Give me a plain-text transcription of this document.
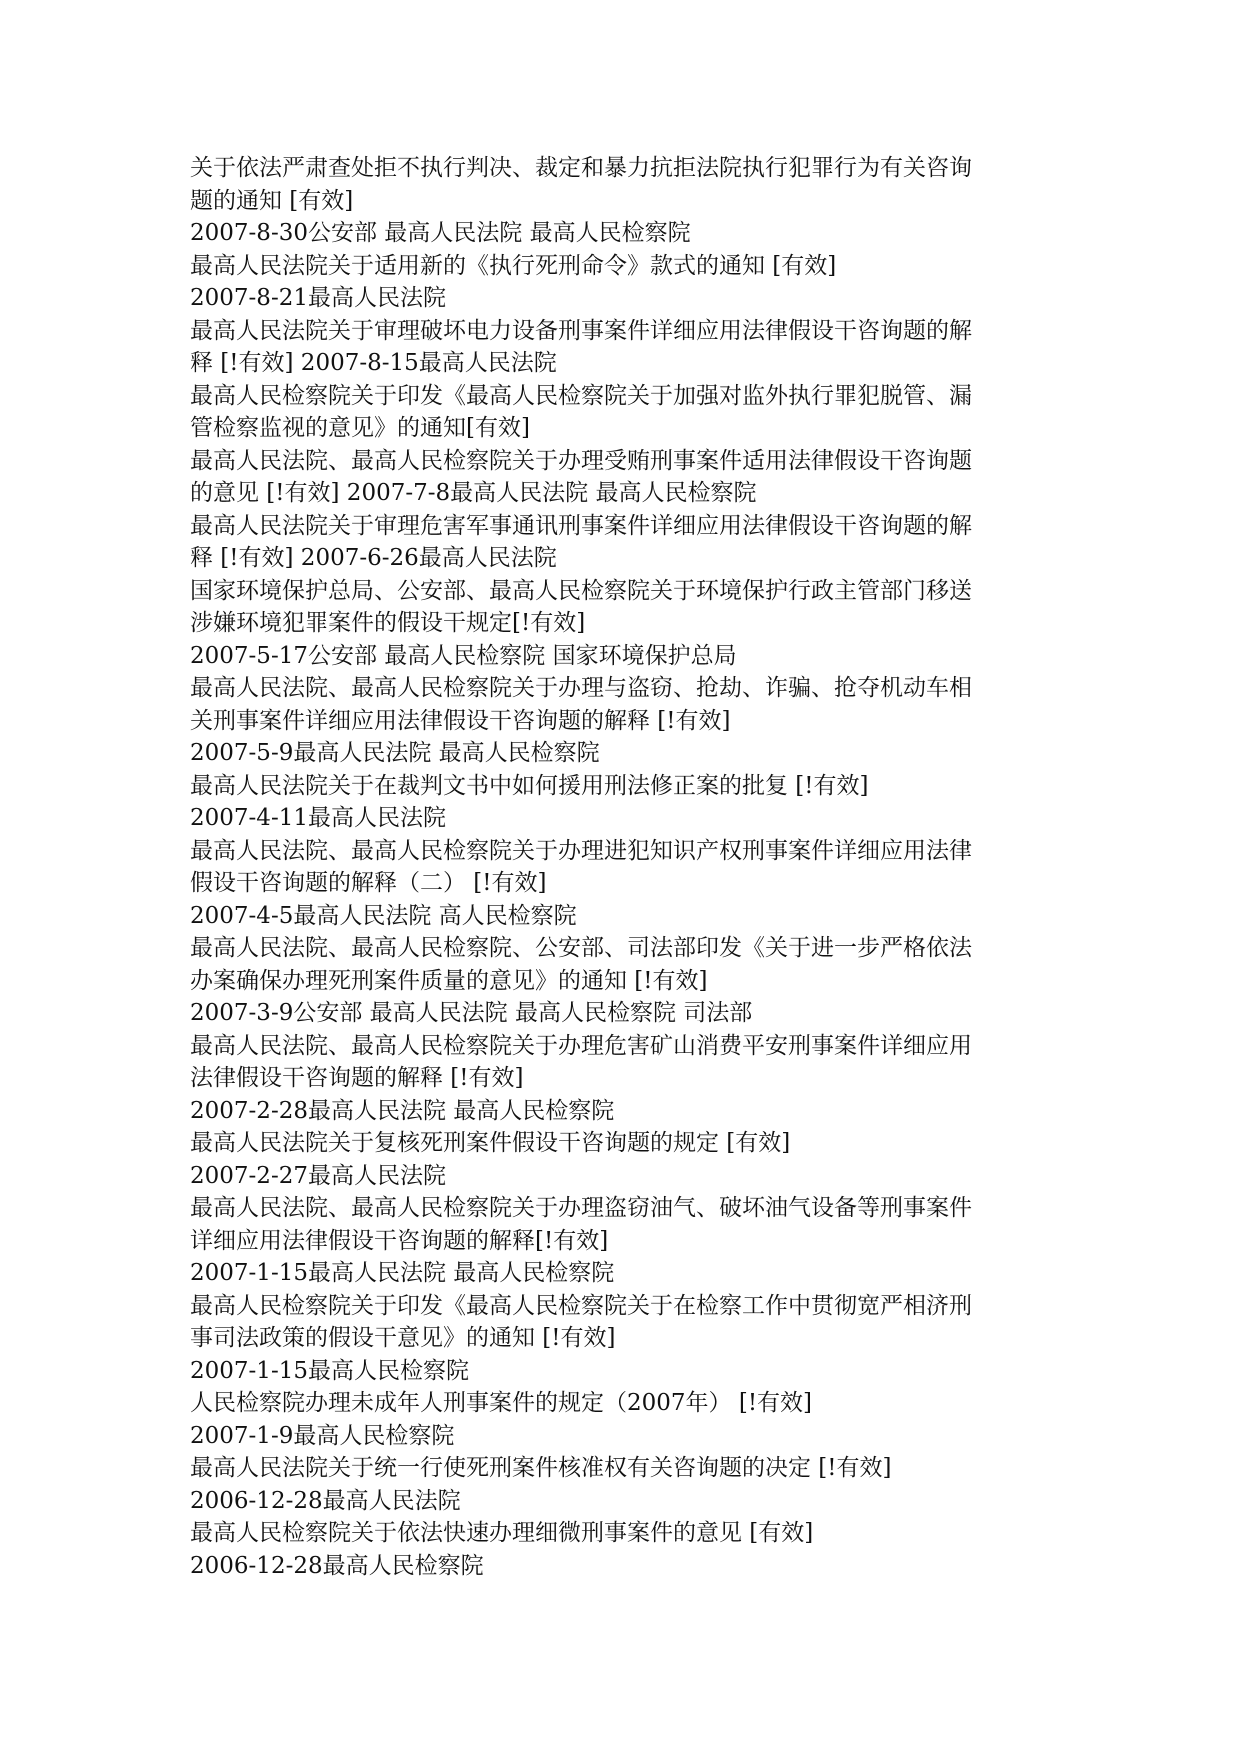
关于依法严肃查处拒不执行判决、裁定和暴力抗拒法院执行犯罪行为有关咨询
题的通知 [有效]
2007-8-30公安部 最高人民法院 最高人民检察院
最高人民法院关于适用新的《执行死刑命令》款式的通知 [有效]
2007-8-21最高人民法院
最高人民法院关于审理破坏电力设备刑事案件详细应用法律假设干咨询题的解
释 [!有效] 2007-8-15最高人民法院
最高人民检察院关于印发《最高人民检察院关于加强对监外执行罪犯脱管、漏
管检察监视的意见》的通知[有效]
最高人民法院、最高人民检察院关于办理受贿刑事案件适用法律假设干咨询题
的意见 [!有效] 2007-7-8最高人民法院 最高人民检察院
最高人民法院关于审理危害军事通讯刑事案件详细应用法律假设干咨询题的解
释 [!有效] 2007-6-26最高人民法院
国家环境保护总局、公安部、最高人民检察院关于环境保护行政主管部门移送
涉嫌环境犯罪案件的假设干规定[!有效]
2007-5-17公安部 最高人民检察院 国家环境保护总局
最高人民法院、最高人民检察院关于办理与盗窃、抢劫、诈骗、抢夺机动车相
关刑事案件详细应用法律假设干咨询题的解释 [!有效]
2007-5-9最高人民法院 最高人民检察院
最高人民法院关于在裁判文书中如何援用刑法修正案的批复 [!有效]
2007-4-11最高人民法院
最高人民法院、最高人民检察院关于办理进犯知识产权刑事案件详细应用法律
假设干咨询题的解释（二） [!有效]
2007-4-5最高人民法院 高人民检察院
最高人民法院、最高人民检察院、公安部、司法部印发《关于进一步严格依法
办案确保办理死刑案件质量的意见》的通知 [!有效]
2007-3-9公安部 最高人民法院 最高人民检察院 司法部
最高人民法院、最高人民检察院关于办理危害矿山消费平安刑事案件详细应用
法律假设干咨询题的解释 [!有效]
2007-2-28最高人民法院 最高人民检察院
最高人民法院关于复核死刑案件假设干咨询题的规定 [有效]
2007-2-27最高人民法院
最高人民法院、最高人民检察院关于办理盗窃油气、破坏油气设备等刑事案件
详细应用法律假设干咨询题的解释[!有效]
2007-1-15最高人民法院 最高人民检察院
最高人民检察院关于印发《最高人民检察院关于在检察工作中贯彻宽严相济刑
事司法政策的假设干意见》的通知 [!有效]
2007-1-15最高人民检察院
人民检察院办理未成年人刑事案件的规定（2007年） [!有效]
2007-1-9最高人民检察院
最高人民法院关于统一行使死刑案件核准权有关咨询题的决定 [!有效]
2006-12-28最高人民法院
最高人民检察院关于依法快速办理细微刑事案件的意见 [有效]
2006-12-28最高人民检察院
